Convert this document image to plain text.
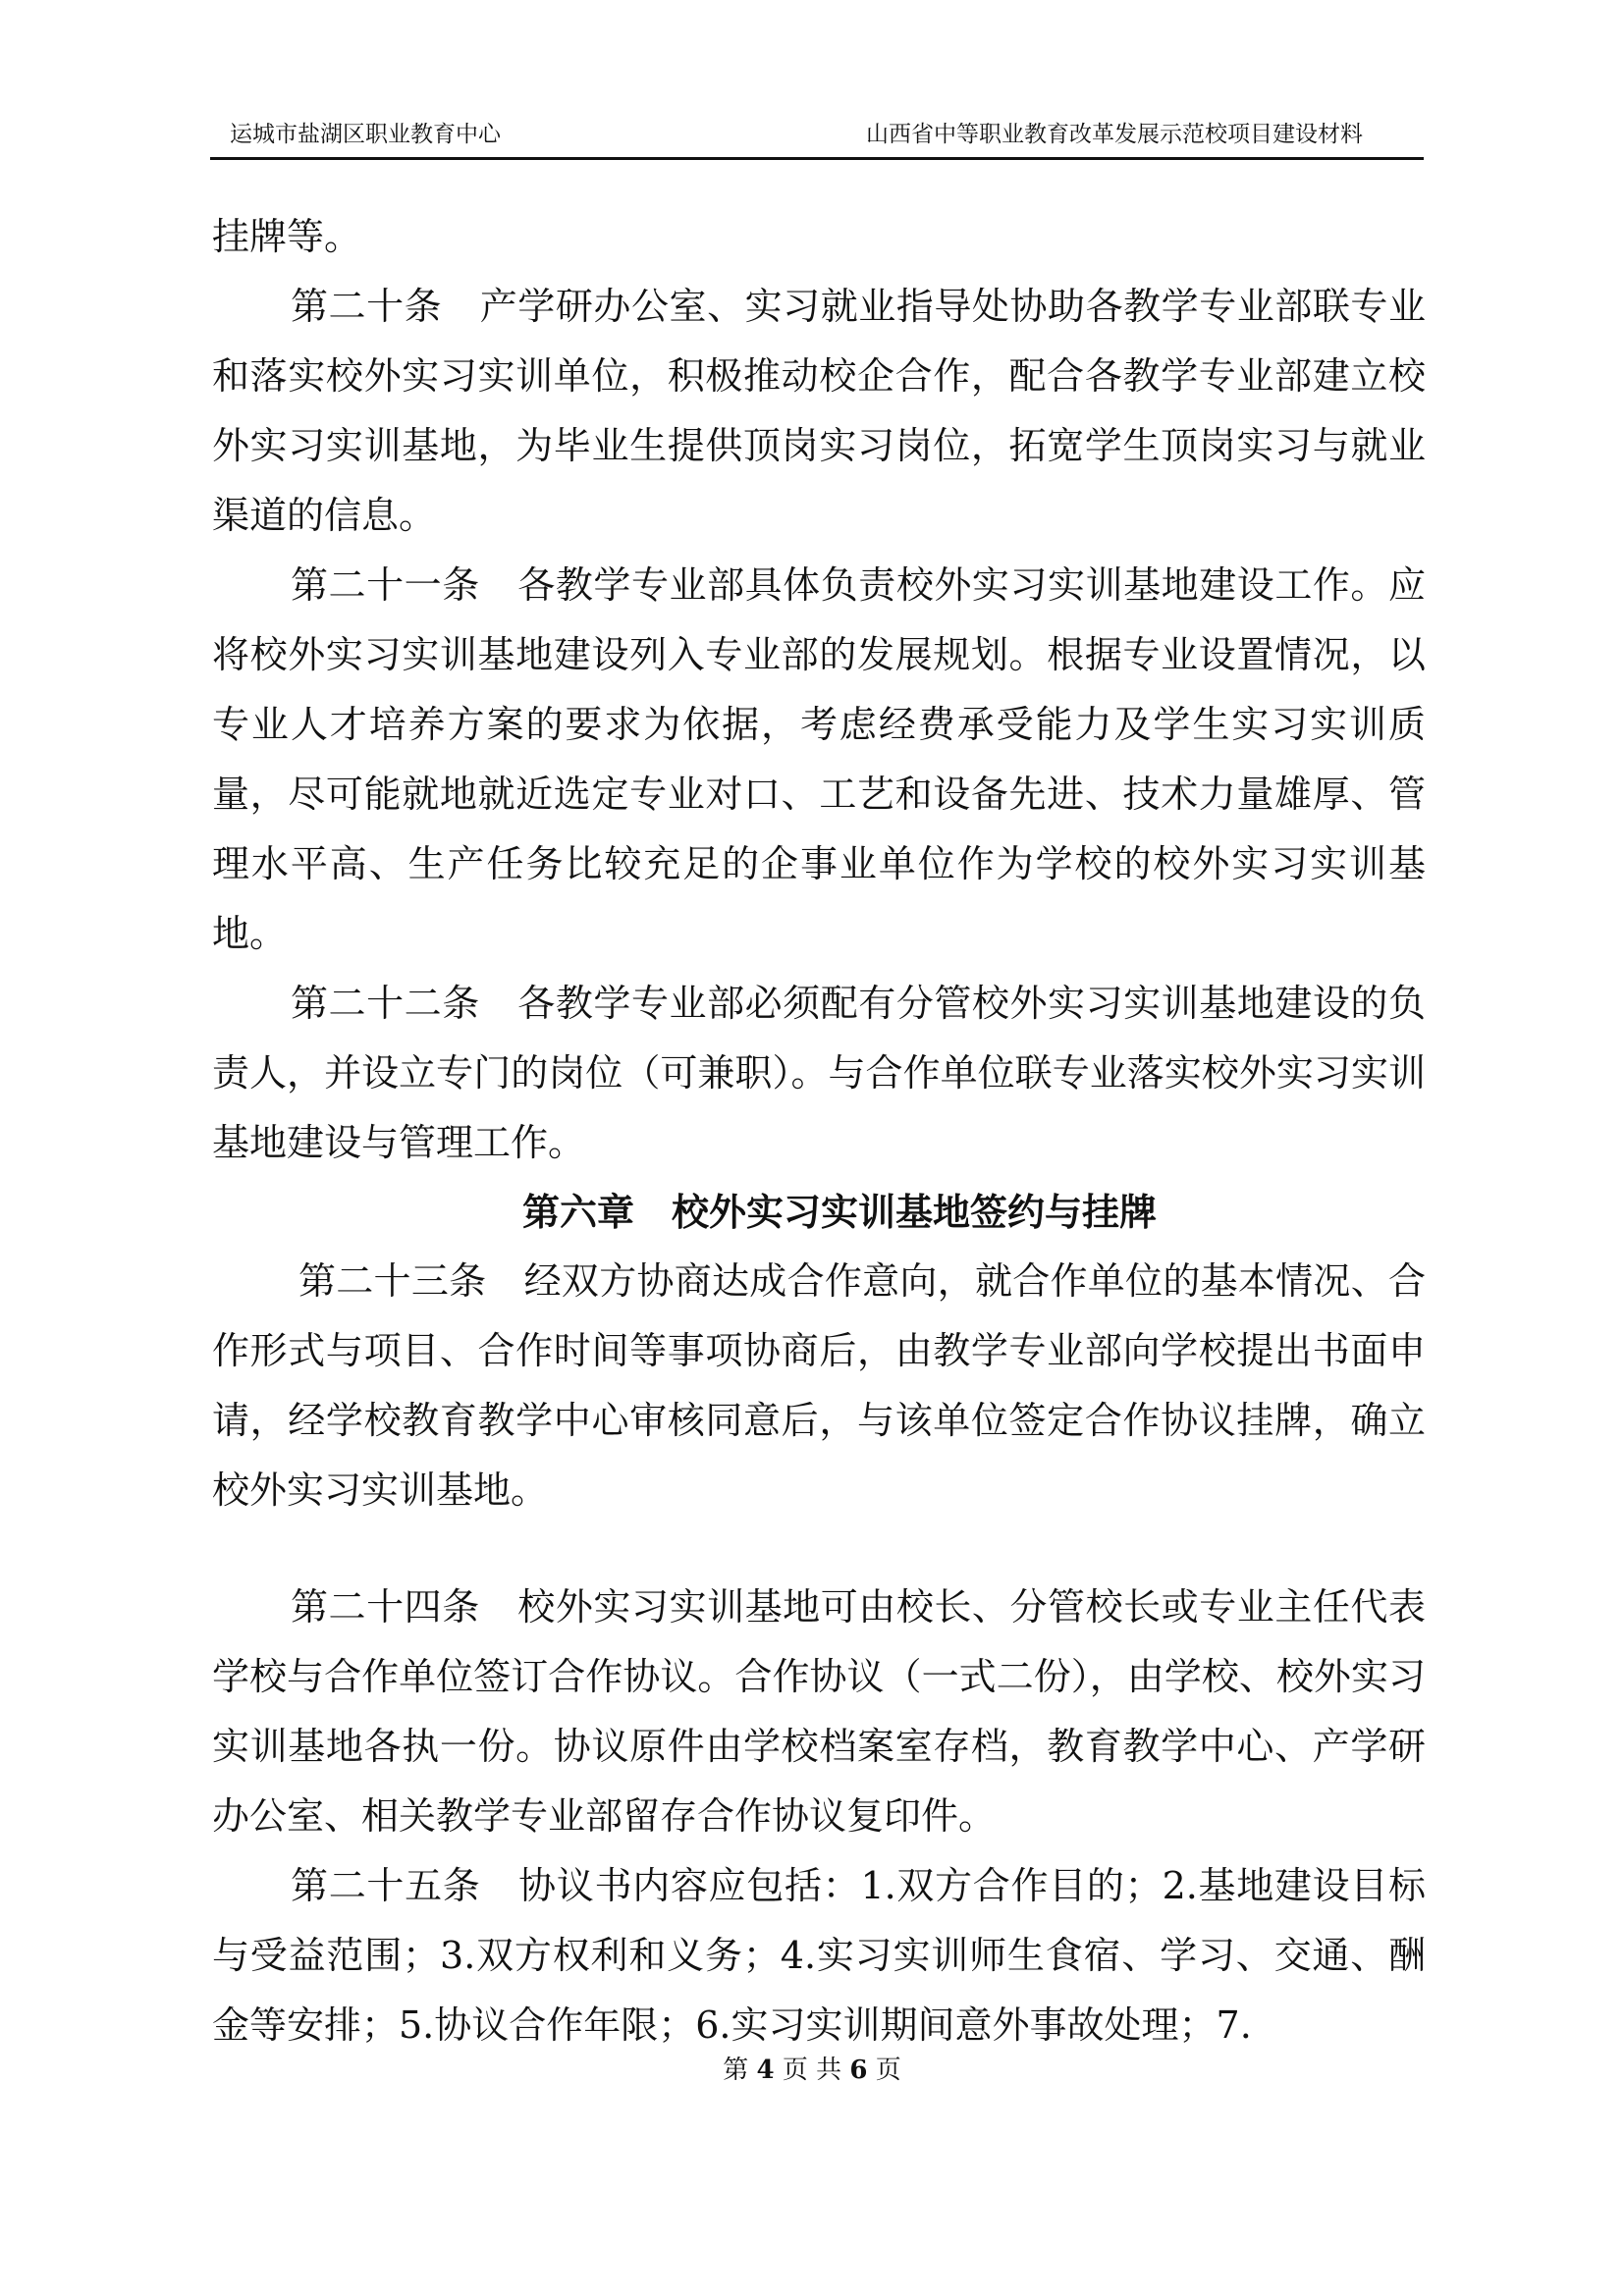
运城市盐湖区职业教育中心	山西省中等职业教育改革发展示范校项目建设材料

挂牌等。

第二十条　产学研办公室、实习就业指导处协助各教学专业部联专业和落实校外实习实训单位，积极推动校企合作，配合各教学专业部建立校外实习实训基地，为毕业生提供顶岗实习岗位，拓宽学生顶岗实习与就业渠道的信息。

第二十一条　各教学专业部具体负责校外实习实训基地建设工作。应将校外实习实训基地建设列入专业部的发展规划。根据专业设置情况，以专业人才培养方案的要求为依据，考虑经费承受能力及学生实习实训质量，尽可能就地就近选定专业对口、工艺和设备先进、技术力量雄厚、管理水平高、生产任务比较充足的企事业单位作为学校的校外实习实训基地。

第二十二条　各教学专业部必须配有分管校外实习实训基地建设的负责人，并设立专门的岗位（可兼职）。与合作单位联专业落实校外实习实训基地建设与管理工作。

第六章　校外实习实训基地签约与挂牌

第二十三条　经双方协商达成合作意向，就合作单位的基本情况、合作形式与项目、合作时间等事项协商后，由教学专业部向学校提出书面申请，经学校教育教学中心审核同意后，与该单位签定合作协议挂牌，确立校外实习实训基地。

第二十四条　校外实习实训基地可由校长、分管校长或专业主任代表学校与合作单位签订合作协议。合作协议（一式二份），由学校、校外实习实训基地各执一份。协议原件由学校档案室存档，教育教学中心、产学研办公室、相关教学专业部留存合作协议复印件。

第二十五条　协议书内容应包括：1.双方合作目的；2.基地建设目标与受益范围；3.双方权利和义务；4.实习实训师生食宿、学习、交通、酬金等安排；5.协议合作年限；6.实习实训期间意外事故处理；7.

第 4 页 共 6 页
